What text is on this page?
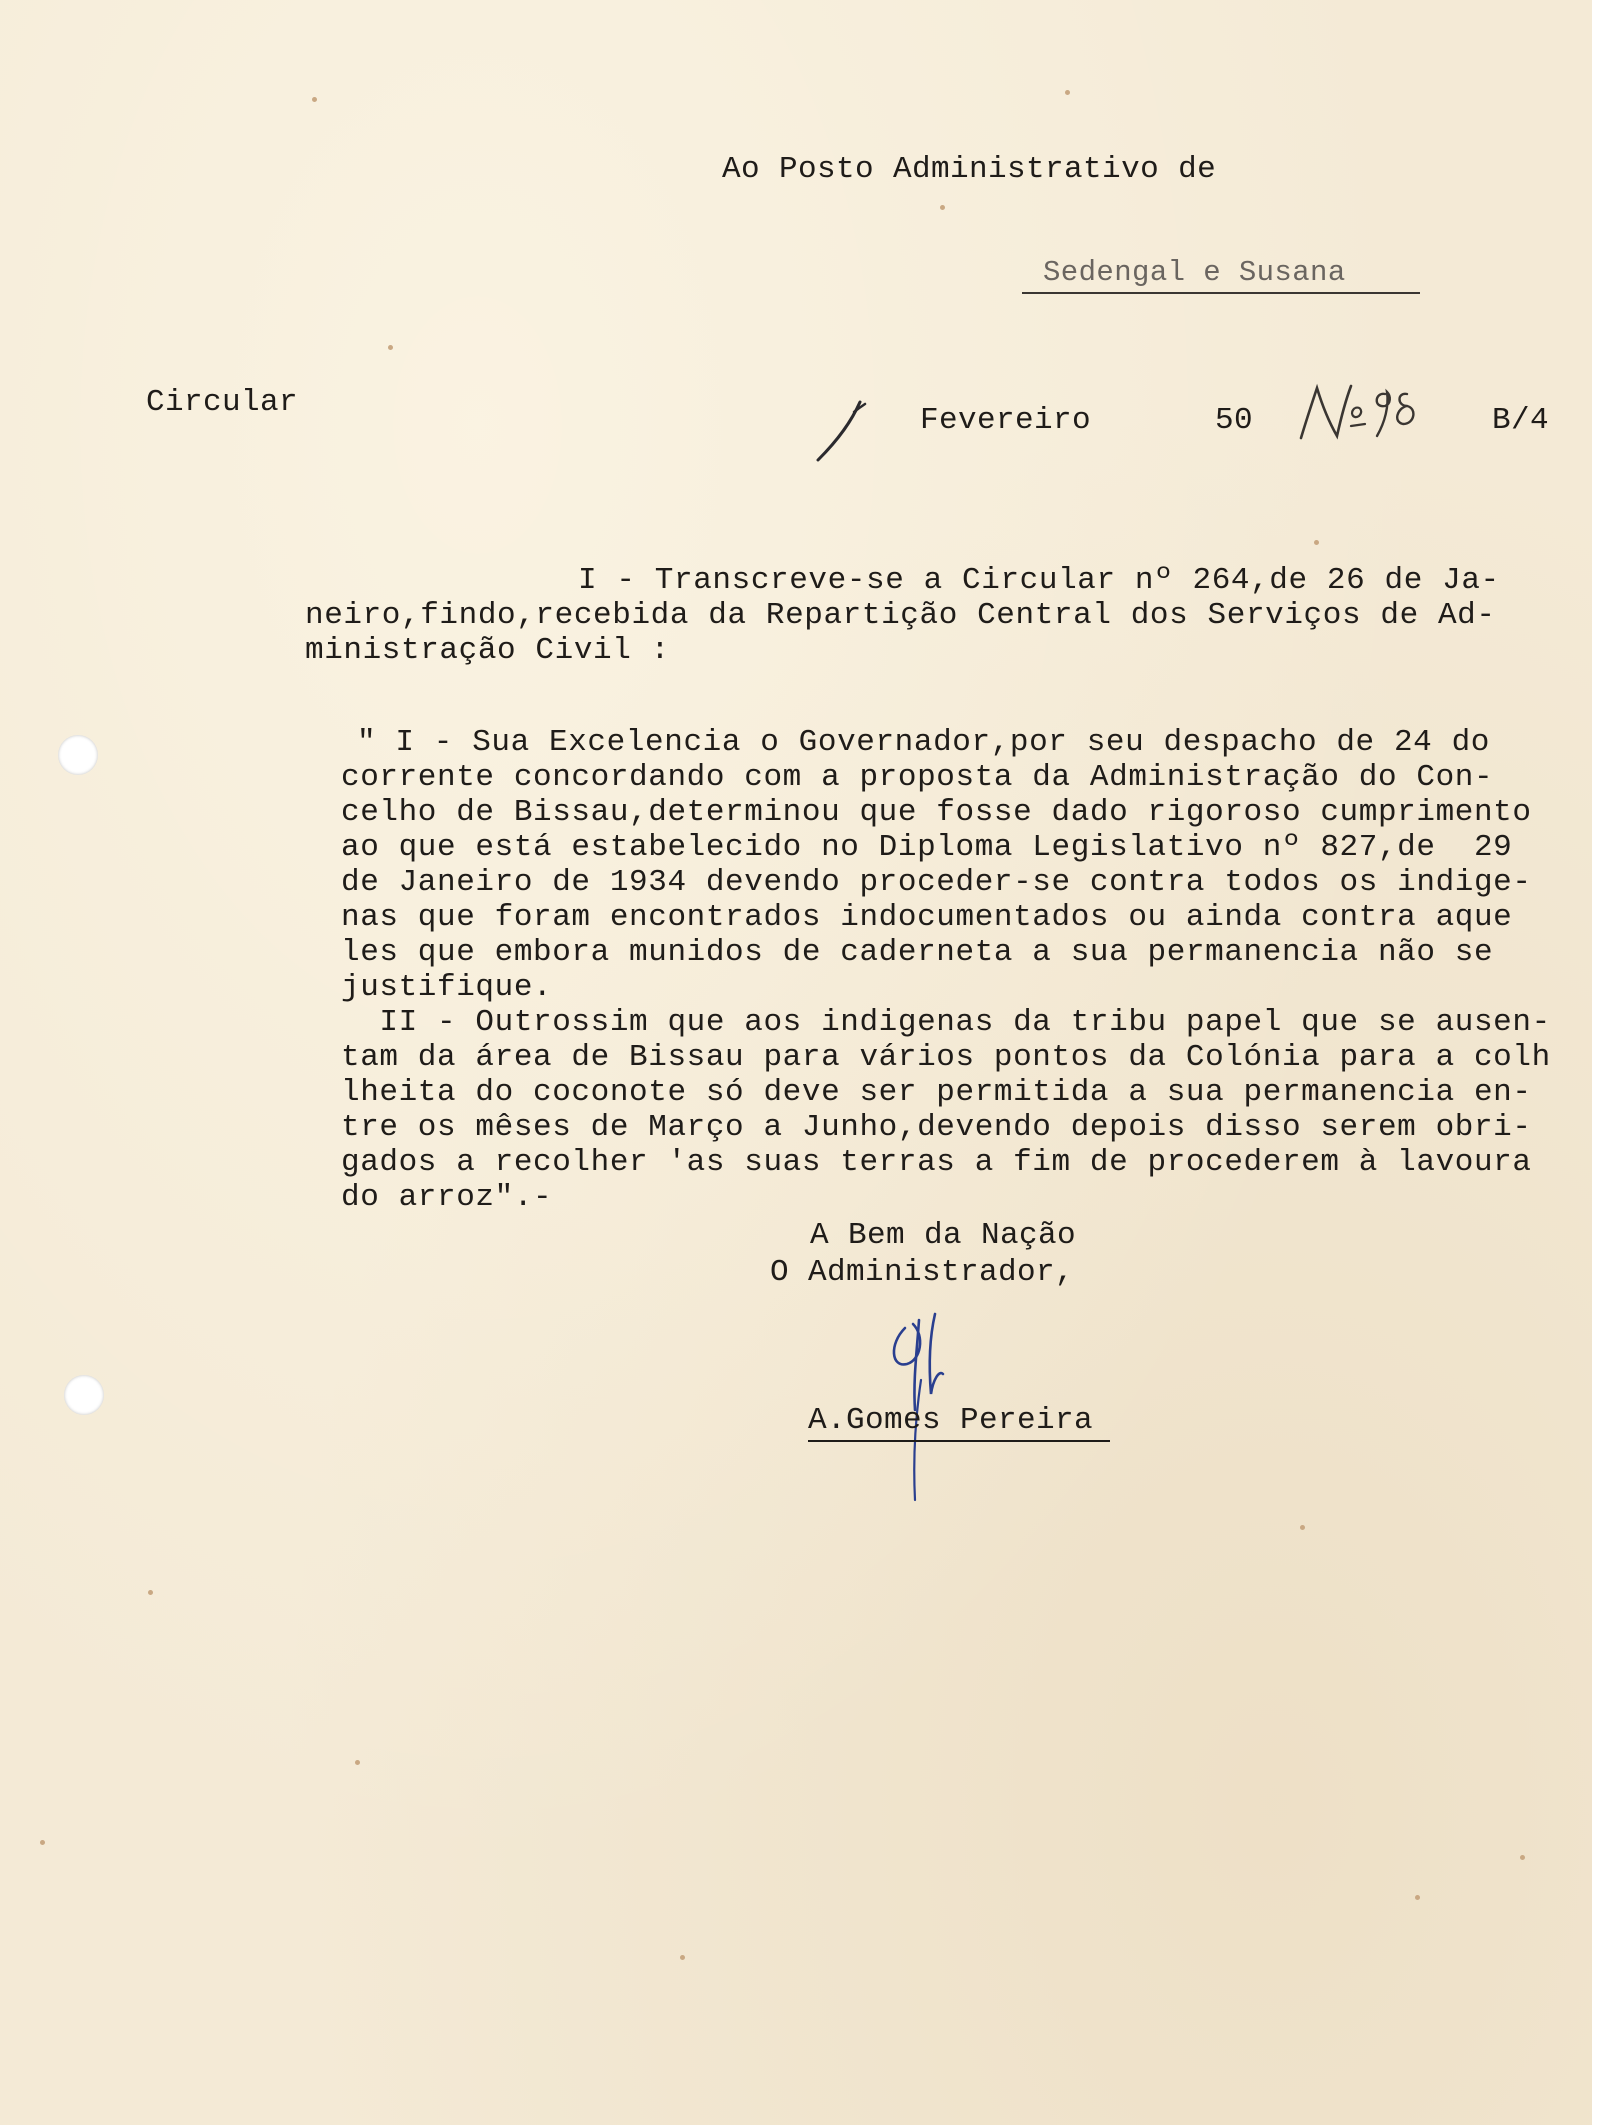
Ao Posto Administrativo de
Sedengal e Susana
Circular
Fevereiro	50	B/4
I - Transcreve-se a Circular nº 264,de 26 de Ja-
neiro,findo,recebida da Repartição Central dos Serviços de Ad-
ministração Civil :
" I - Sua Excelencia o Governador,por seu despacho de 24 do
corrente concordando com a proposta da Administração do Con-
celho de Bissau,determinou que fosse dado rigoroso cumprimento
ao que está estabelecido no Diploma Legislativo nº 827,de  29
de Janeiro de 1934 devendo proceder-se contra todos os indige-
nas que foram encontrados indocumentados ou ainda contra aque
les que embora munidos de caderneta a sua permanencia não se
justifique.
II - Outrossim que aos indigenas da tribu papel que se ausen-
tam da área de Bissau para vários pontos da Colónia para a colh
lheita do coconote só deve ser permitida a sua permanencia en-
tre os mêses de Março a Junho,devendo depois disso serem obri-
gados a recolher 'as suas terras a fim de procederem à lavoura
do arroz".-
A Bem da Nação
O Administrador,
A.Gomes Pereira
